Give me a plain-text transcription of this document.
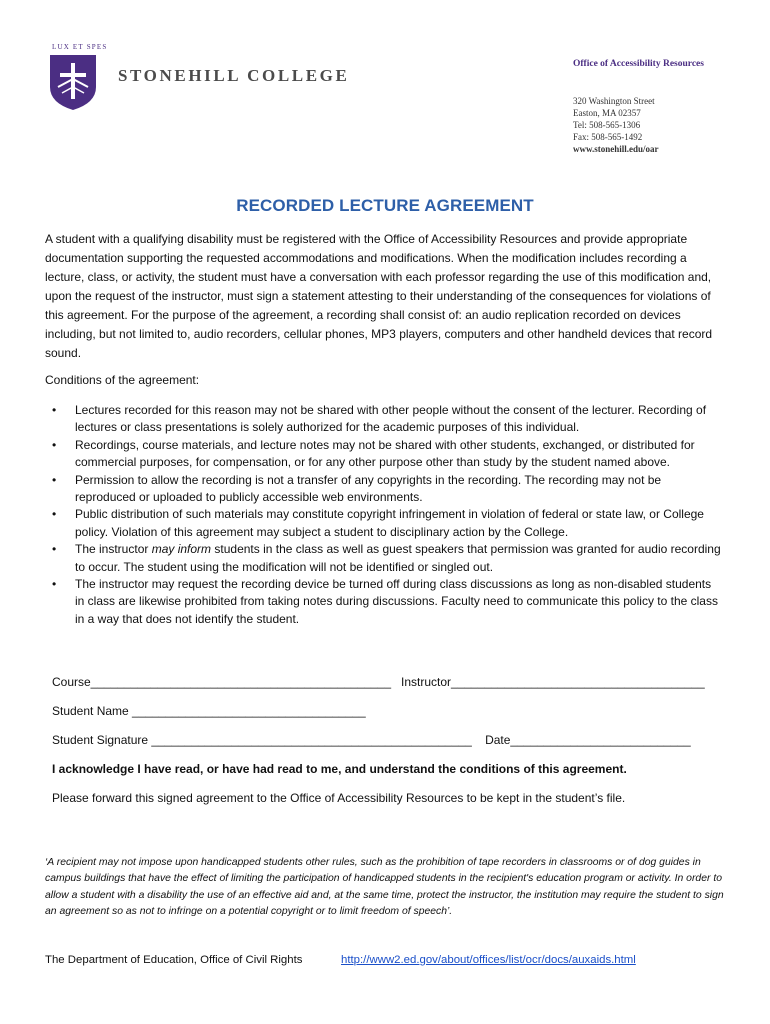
LUX ET SPES
STONEHILL COLLEGE
Office of Accessibility Resources
320 Washington Street
Easton, MA 02357
Tel: 508-565-1306
Fax: 508-565-1492
www.stonehill.edu/oar
RECORDED LECTURE AGREEMENT
A student with a qualifying disability must be registered with the Office of Accessibility Resources and provide appropriate documentation supporting the requested accommodations and modifications. When the modification includes recording a lecture, class, or activity, the student must have a conversation with each professor regarding the use of this modification and, upon the request of the instructor, must sign a statement attesting to their understanding of the consequences for violations of this agreement. For the purpose of the agreement, a recording shall consist of: an audio replication recorded on devices including, but not limited to, audio recorders, cellular phones, MP3 players, computers and other handheld devices that record sound.
Conditions of the agreement:
• Lectures recorded for this reason may not be shared with other people without the consent of the lecturer. Recording of lectures or class presentations is solely authorized for the academic purposes of this individual.
• Recordings, course materials, and lecture notes may not be shared with other students, exchanged, or distributed for commercial purposes, for compensation, or for any other purpose other than study by the student named above.
• Permission to allow the recording is not a transfer of any copyrights in the recording. The recording may not be reproduced or uploaded to publicly accessible web environments.
• Public distribution of such materials may constitute copyright infringement in violation of federal or state law, or College policy. Violation of this agreement may subject a student to disciplinary action by the College.
• The instructor may inform students in the class as well as guest speakers that permission was granted for audio recording to occur. The student using the modification will not be identified or singled out.
• The instructor may request the recording device be turned off during class discussions as long as non-disabled students in class are likewise prohibited from taking notes during discussions. Faculty need to communicate this policy to the class in a way that does not identify the student.
Course_____________________________________________   Instructor______________________________________
Student Name ___________________________________
Student Signature ________________________________________________    Date___________________________
I acknowledge I have read, or have had read to me, and understand the conditions of this agreement.
Please forward this signed agreement to the Office of Accessibility Resources to be kept in the student’s file.
‘A recipient may not impose upon handicapped students other rules, such as the prohibition of tape recorders in classrooms or of dog guides in campus buildings that have the effect of limiting the participation of handicapped students in the recipient's education program or activity. In order to allow a student with a disability the use of an effective aid and, at the same time, protect the instructor, the institution may require the student to sign an agreement so as not to infringe on a potential copyright or to limit freedom of speech’.
The Department of Education, Office of Civil Rights	http://www2.ed.gov/about/offices/list/ocr/docs/auxaids.html
